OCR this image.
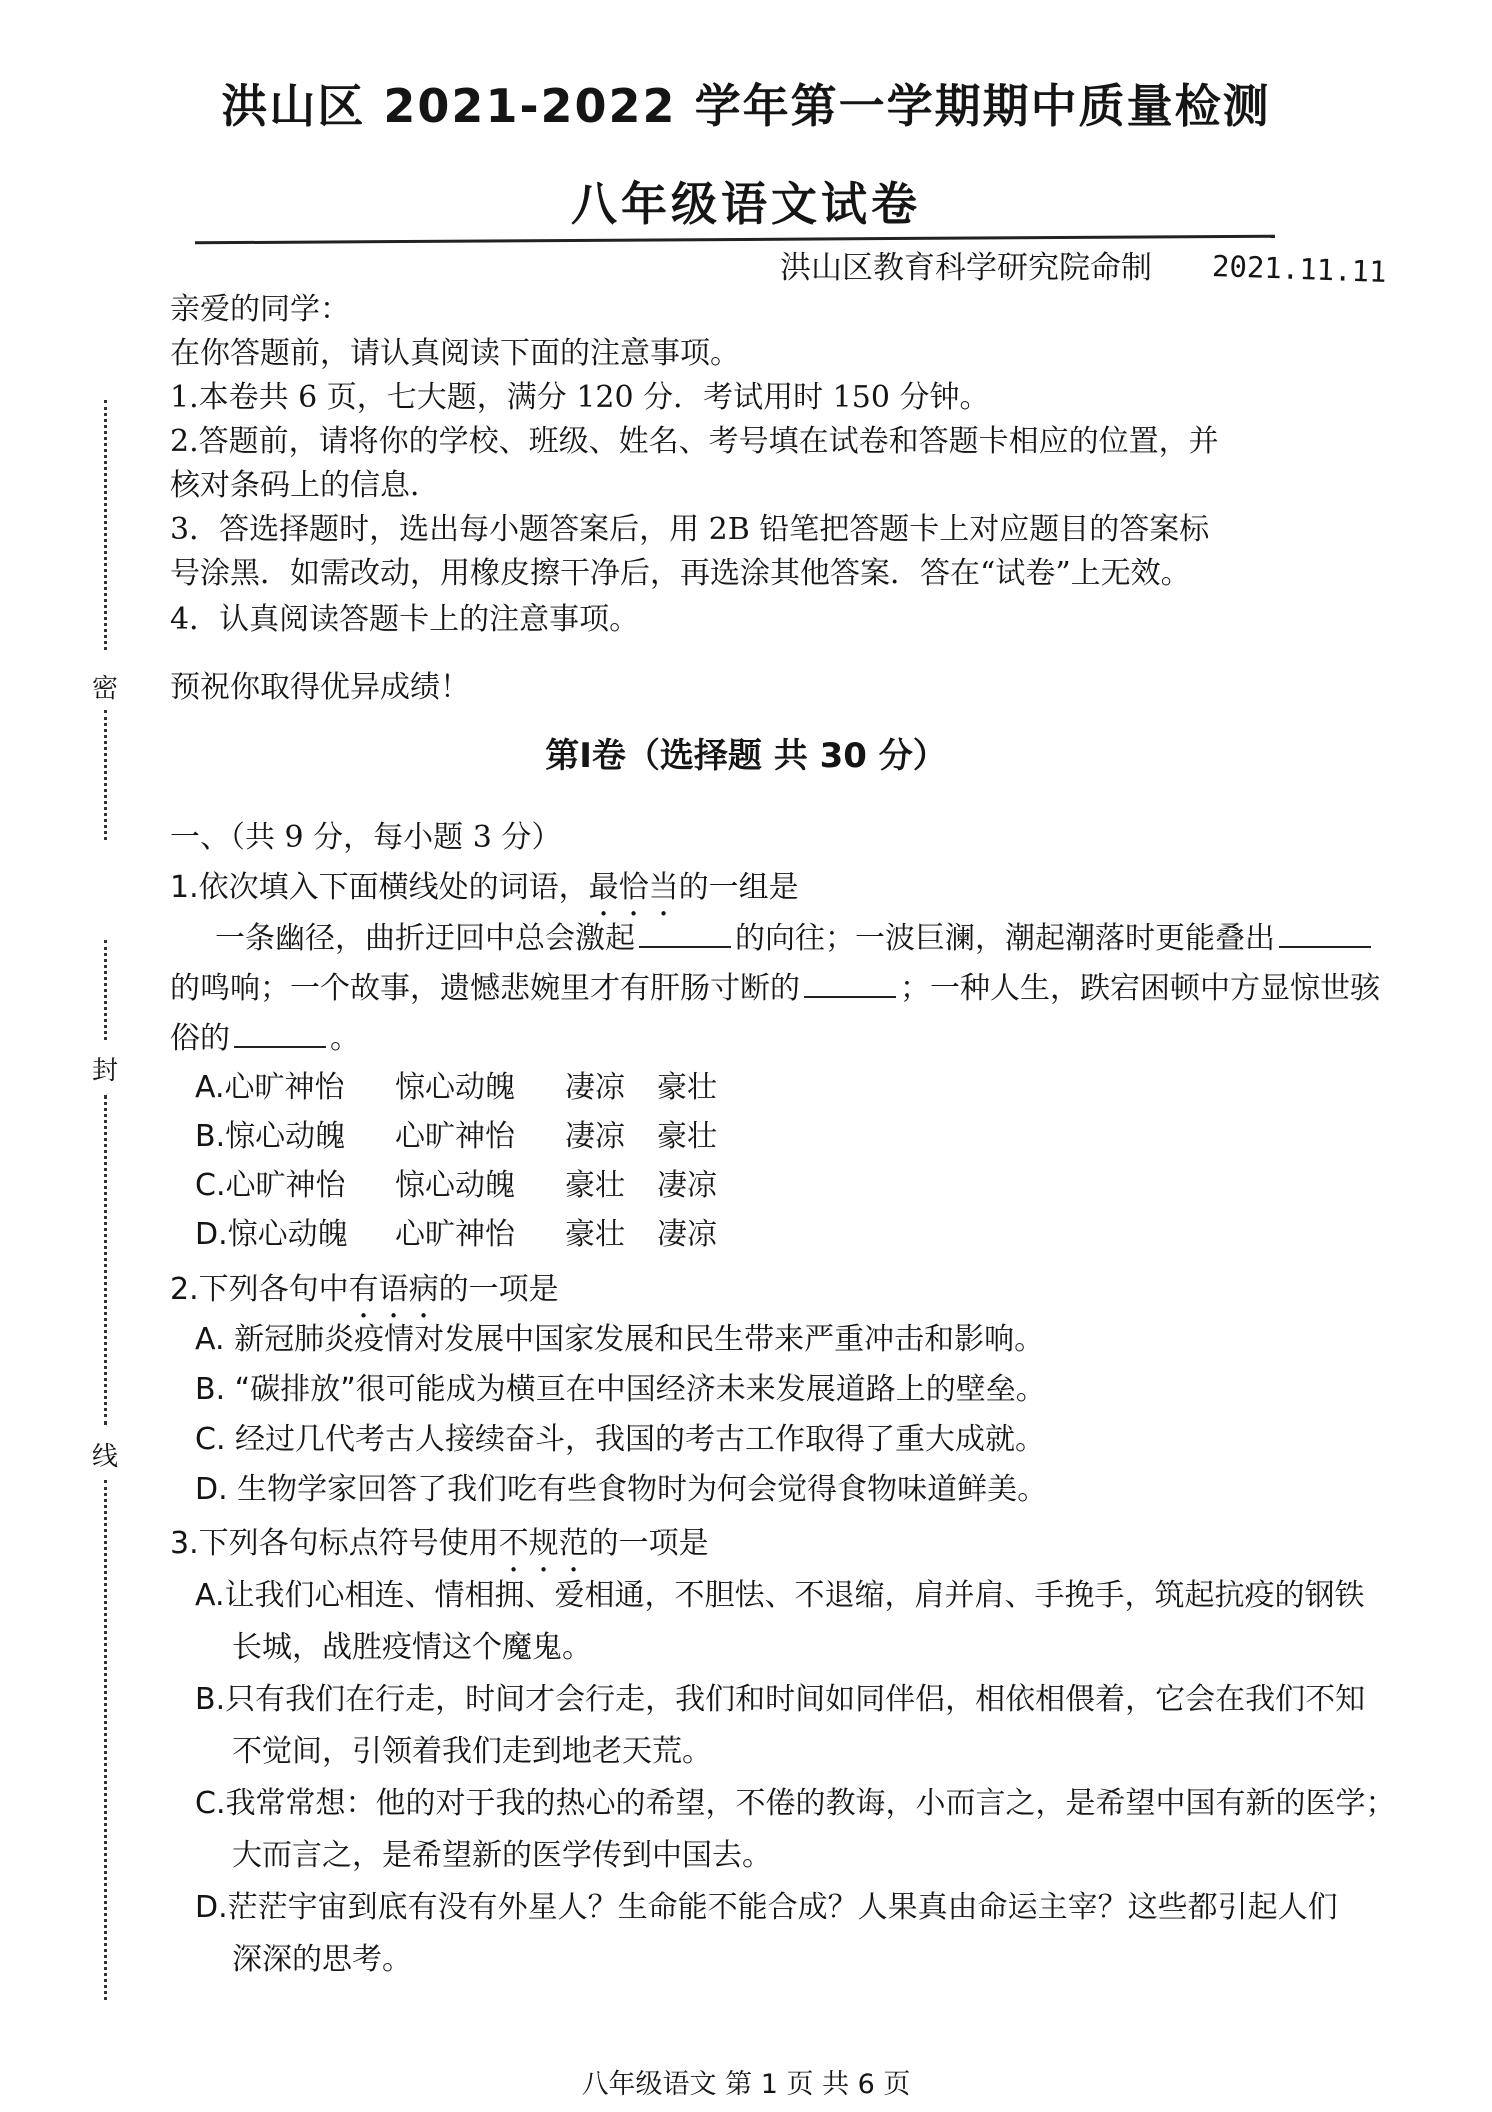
洪山区 2021-2022 学年第一学期期中质量检测
八年级语文试卷
洪山区教育科学研究院命制 2021.11.11
亲爱的同学：
在你答题前，请认真阅读下面的注意事项。
1.本卷共 6 页，七大题，满分 120 分．考试用时 150 分钟。
2.答题前，请将你的学校、班级、姓名、考号填在试卷和答题卡相应的位置，并
核对条码上的信息．
3．答选择题时，选出每小题答案后，用 2B 铅笔把答题卡上对应题目的答案标
号涂黑．如需改动，用橡皮擦干净后，再选涂其他答案．答在“试卷”上无效。
4．认真阅读答题卡上的注意事项。
预祝你取得优异成绩！
第Ⅰ卷（选择题 共 30 分）
一、（共 9 分，每小题 3 分）
1.依次填入下面横线处的词语，最恰当的一组是
一条幽径，曲折迂回中总会激起	的向往；一波巨澜，潮起潮落时更能叠出
的鸣响；一个故事，遗憾悲婉里才有肝肠寸断的	；一种人生，跌宕困顿中方显惊世骇
俗的	。
A.心旷神怡 惊心动魄 凄凉 豪壮
B.惊心动魄 心旷神怡 凄凉 豪壮
C.心旷神怡 惊心动魄 豪壮 凄凉
D.惊心动魄 心旷神怡 豪壮 凄凉
2.下列各句中有语病的一项是
A. 新冠肺炎疫情对发展中国家发展和民生带来严重冲击和影响。
B. “碳排放”很可能成为横亘在中国经济未来发展道路上的壁垒。
C. 经过几代考古人接续奋斗，我国的考古工作取得了重大成就。
D. 生物学家回答了我们吃有些食物时为何会觉得食物味道鲜美。
3.下列各句标点符号使用不规范的一项是
A.让我们心相连、情相拥、爱相通，不胆怯、不退缩，肩并肩、手挽手，筑起抗疫的钢铁
长城，战胜疫情这个魔鬼。
B.只有我们在行走，时间才会行走，我们和时间如同伴侣，相依相偎着，它会在我们不知
不觉间，引领着我们走到地老天荒。
C.我常常想：他的对于我的热心的希望，不倦的教诲，小而言之，是希望中国有新的医学；
大而言之，是希望新的医学传到中国去。
D.茫茫宇宙到底有没有外星人？生命能不能合成？人果真由命运主宰？这些都引起人们
深深的思考。
密
封
线
八年级语文 第 1 页 共 6 页
